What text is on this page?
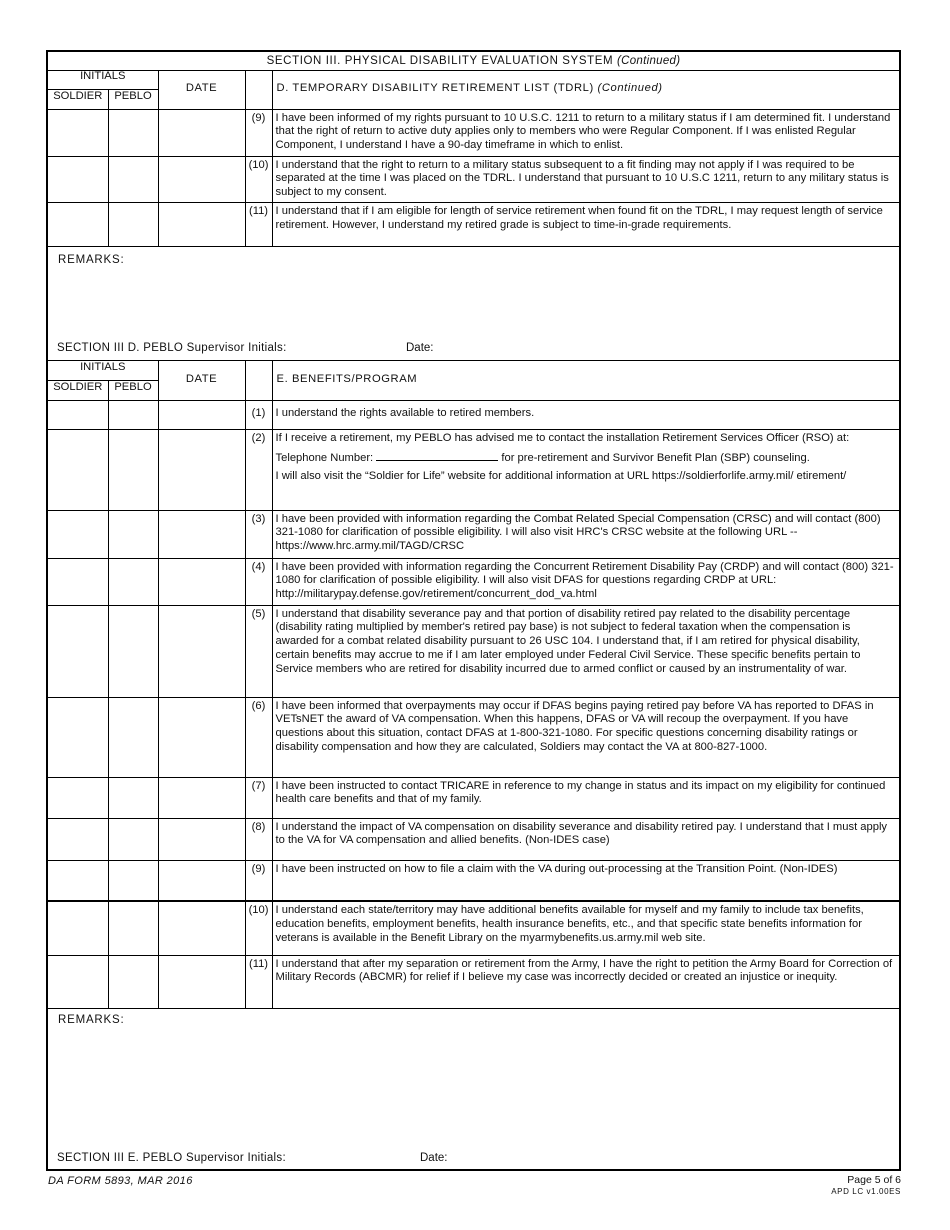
SECTION III. PHYSICAL DISABILITY EVALUATION SYSTEM (Continued)
INITIALS		DATE		D. TEMPORARY DISABILITY RETIREMENT LIST (TDRL) (Continued)
SOLDIER	PEBLO			
			(9)	I have been informed of my rights pursuant to 10 U.S.C. 1211 to return to a military status if I am determined fit. I understand that the right of return to active duty applies only to members who were Regular Component. If I was enlisted Regular Component, I understand I have a 90-day timeframe in which to enlist.
			(10)	I understand that the right to return to a military status subsequent to a fit finding may not apply if I was required to be separated at the time I was placed on the TDRL. I understand that pursuant to 10 U.S.C 1211, return to any military status is subject to my consent.
			(11)	I understand that if I am eligible for length of service retirement when found fit on the TDRL, I may request length of service retirement. However, I understand my retired grade is subject to time-in-grade requirements.
REMARKS:
SECTION III D. PEBLO Supervisor Initials:	Date:
INITIALS		DATE		E. BENEFITS/PROGRAM
SOLDIER	PEBLO			
			(1)	I understand the rights available to retired members.
			(2)	If I receive a retirement, my PEBLO has advised me to contact the installation Retirement Services Officer (RSO) at:
Telephone Number: for pre-retirement and Survivor Benefit Plan (SBP) counseling.
I will also visit the “Soldier for Life” website for additional information at URL https://soldierforlife.army.mil/ etirement/

			(3)	I have been provided with information regarding the Combat Related Special Compensation (CRSC) and will contact (800) 321-1080 for clarification of possible eligibility. I will also visit HRC's CRSC website at the following URL -- https://www.hrc.army.mil/TAGD/CRSC
			(4)	I have been provided with information regarding the Concurrent Retirement Disability Pay (CRDP) and will contact (800) 321-1080 for clarification of possible eligibility. I will also visit DFAS for questions regarding CRDP at URL: http://militarypay.defense.gov/retirement/concurrent_dod_va.html
			(5)	I understand that disability severance pay and that portion of disability retired pay related to the disability percentage (disability rating multiplied by member's retired pay base) is not subject to federal taxation when the compensation is awarded for a combat related disability pursuant to 26 USC 104. I understand that, if I am retired for physical disability, certain benefits may accrue to me if I am later employed under Federal Civil Service. These specific benefits pertain to Service members who are retired for disability incurred due to armed conflict or caused by an instrumentality of war.
			(6)	I have been informed that overpayments may occur if DFAS begins paying retired pay before VA has reported to DFAS in VETsNET the award of VA compensation. When this happens, DFAS or VA will recoup the overpayment. If you have questions about this situation, contact DFAS at 1-800-321-1080. For specific questions concerning disability ratings or disability compensation and how they are calculated, Soldiers may contact the VA at 800-827-1000.
			(7)	I have been instructed to contact TRICARE in reference to my change in status and its impact on my eligibility for continued health care benefits and that of my family.
			(8)	I understand the impact of VA compensation on disability severance and disability retired pay. I understand that I must apply to the VA for VA compensation and allied benefits. (Non-IDES case)
			(9)	I have been instructed on how to file a claim with the VA during out-processing at the Transition Point. (Non-IDES)
			(10)	I understand each state/territory may have additional benefits available for myself and my family to include tax benefits, education benefits, employment benefits, health insurance benefits, etc., and that specific state benefits information for veterans is available in the Benefit Library on the myarmybenefits.us.army.mil web site.
			(11)	I understand that after my separation or retirement from the Army, I have the right to petition the Army Board for Correction of Military Records (ABCMR) for relief if I believe my case was incorrectly decided or created an injustice or inequity.
REMARKS:
SECTION III E. PEBLO Supervisor Initials:	Date:
DA FORM 5893, MAR 2016	Page 5 of 6
APD LC v1.00ES
